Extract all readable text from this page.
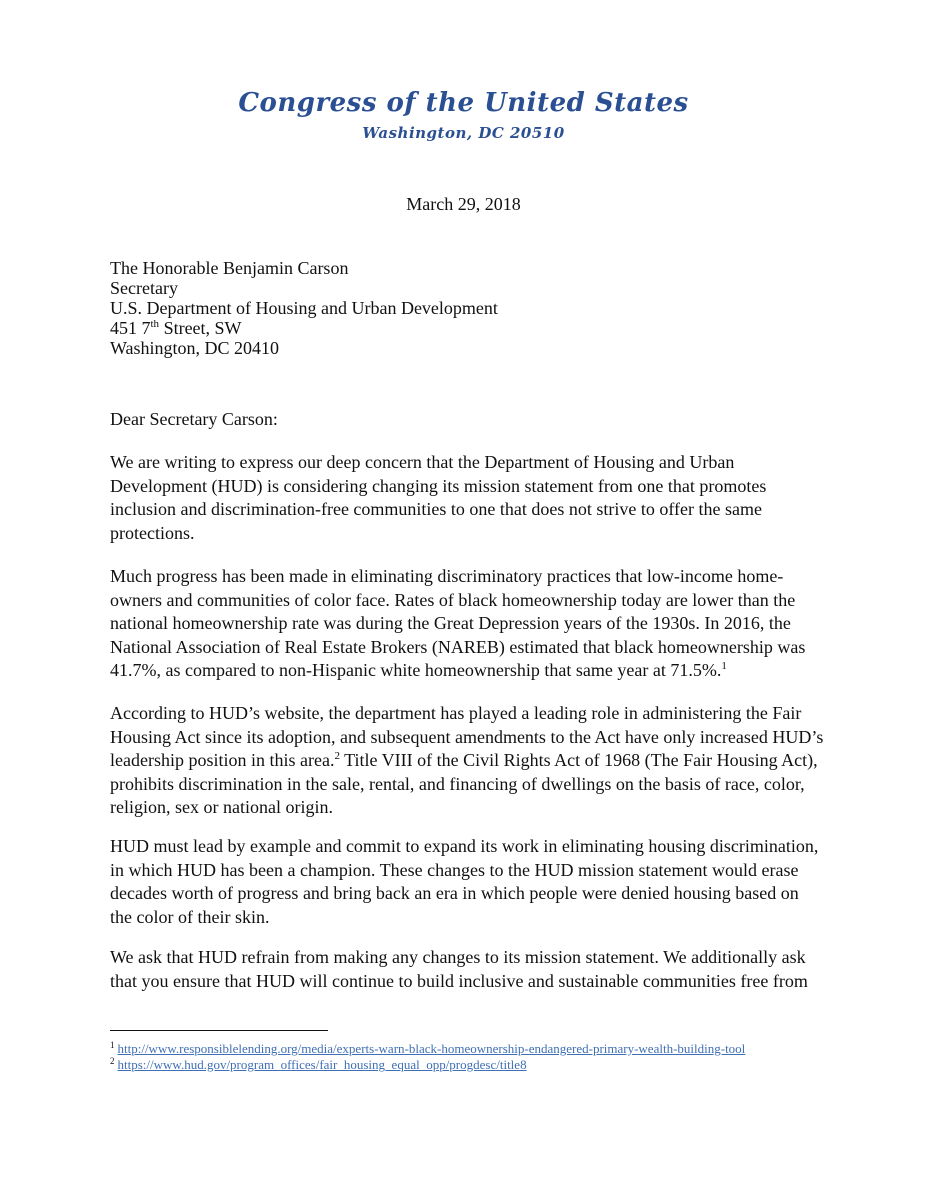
Congress of the United States
Washington, DC 20510
March 29, 2018
The Honorable Benjamin Carson
Secretary
U.S. Department of Housing and Urban Development
451 7th Street, SW
Washington, DC 20410
Dear Secretary Carson:

We are writing to express our deep concern that the Department of Housing and Urban Development (HUD) is considering changing its mission statement from one that promotes inclusion and discrimination-free communities to one that does not strive to offer the same protections.

Much progress has been made in eliminating discriminatory practices that low-income home-owners and communities of color face. Rates of black homeownership today are lower than the national homeownership rate was during the Great Depression years of the 1930s. In 2016, the National Association of Real Estate Brokers (NAREB) estimated that black homeownership was 41.7%, as compared to non-Hispanic white homeownership that same year at 71.5%.$^1$

According to HUD’s website, the department has played a leading role in administering the Fair Housing Act since its adoption, and subsequent amendments to the Act have only increased HUD’s leadership position in this area.$^2$ Title VIII of the Civil Rights Act of 1968 (The Fair Housing Act), prohibits discrimination in the sale, rental, and financing of dwellings on the basis of race, color, religion, sex or national origin.

HUD must lead by example and commit to expand its work in eliminating housing discrimination, in which HUD has been a champion. These changes to the HUD mission statement would erase decades worth of progress and bring back an era in which people were denied housing based on the color of their skin.

We ask that HUD refrain from making any changes to its mission statement. We additionally ask that you ensure that HUD will continue to build inclusive and sustainable communities free from

$^1$ http://www.responsiblelending.org/media/experts-warn-black-homeownership-endangered-primary-wealth-building-tool

$^2$ https://www.hud.gov/program_offices/fair_housing_equal_opp/progdesc/title8
